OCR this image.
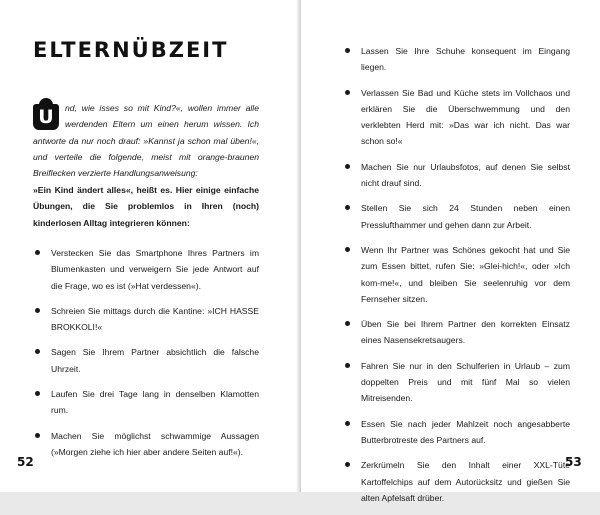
ELTERNÜBZEIT

U	nd, wie isses so mit Kind?«, wollen immer alle werdenden Eltern um einen herum wissen. Ich antworte da nur noch drauf: »Kannst ja schon mal üben!«, und verteile die folgende, meist mit orange-braunen Breiflecken verzierte Handlungsanweisung:

»Ein Kind ändert alles«, heißt es. Hier einige einfache Übungen, die Sie problemlos in Ihren (noch) kinderlosen Alltag integrieren können:

Verstecken Sie das Smartphone Ihres Partners im Blumenkasten und verweigern Sie jede Antwort auf die Frage, wo es ist (»Hat verdessen«).
Schreien Sie mittags durch die Kantine: »ICH HASSE BROKKOLI!«
Sagen Sie Ihrem Partner absichtlich die falsche Uhrzeit.
Laufen Sie drei Tage lang in denselben Klamotten rum.
Machen Sie möglichst schwammige Aussagen (»Morgen ziehe ich hier aber andere Seiten auf!«).
52
Lassen Sie Ihre Schuhe konsequent im Eingang liegen.
Verlassen Sie Bad und Küche stets im Vollchaos und erklären Sie die Überschwemmung und den verklebten Herd mit: »Das war ich nicht. Das war schon so!«
Machen Sie nur Urlaubsfotos, auf denen Sie selbst nicht drauf sind.
Stellen Sie sich 24 Stunden neben einen Presslufthammer und gehen dann zur Arbeit.
Wenn Ihr Partner was Schönes gekocht hat und Sie zum Essen bittet, rufen Sie: »Glei-hich!«, oder »Ich kom-me!«, und bleiben Sie seelenruhig vor dem Fernseher sitzen.
Üben Sie bei Ihrem Partner den korrekten Einsatz eines Nasensekretsaugers.
Fahren Sie nur in den Schulferien in Urlaub – zum doppelten Preis und mit fünf Mal so vielen Mitreisenden.
Essen Sie nach jeder Mahlzeit noch angesabberte Butterbrotreste des Partners auf.
Zerkrümeln Sie den Inhalt einer XXL-Tüte Kartoffelchips auf dem Autorücksitz und gießen Sie alten Apfelsaft drüber.
53
